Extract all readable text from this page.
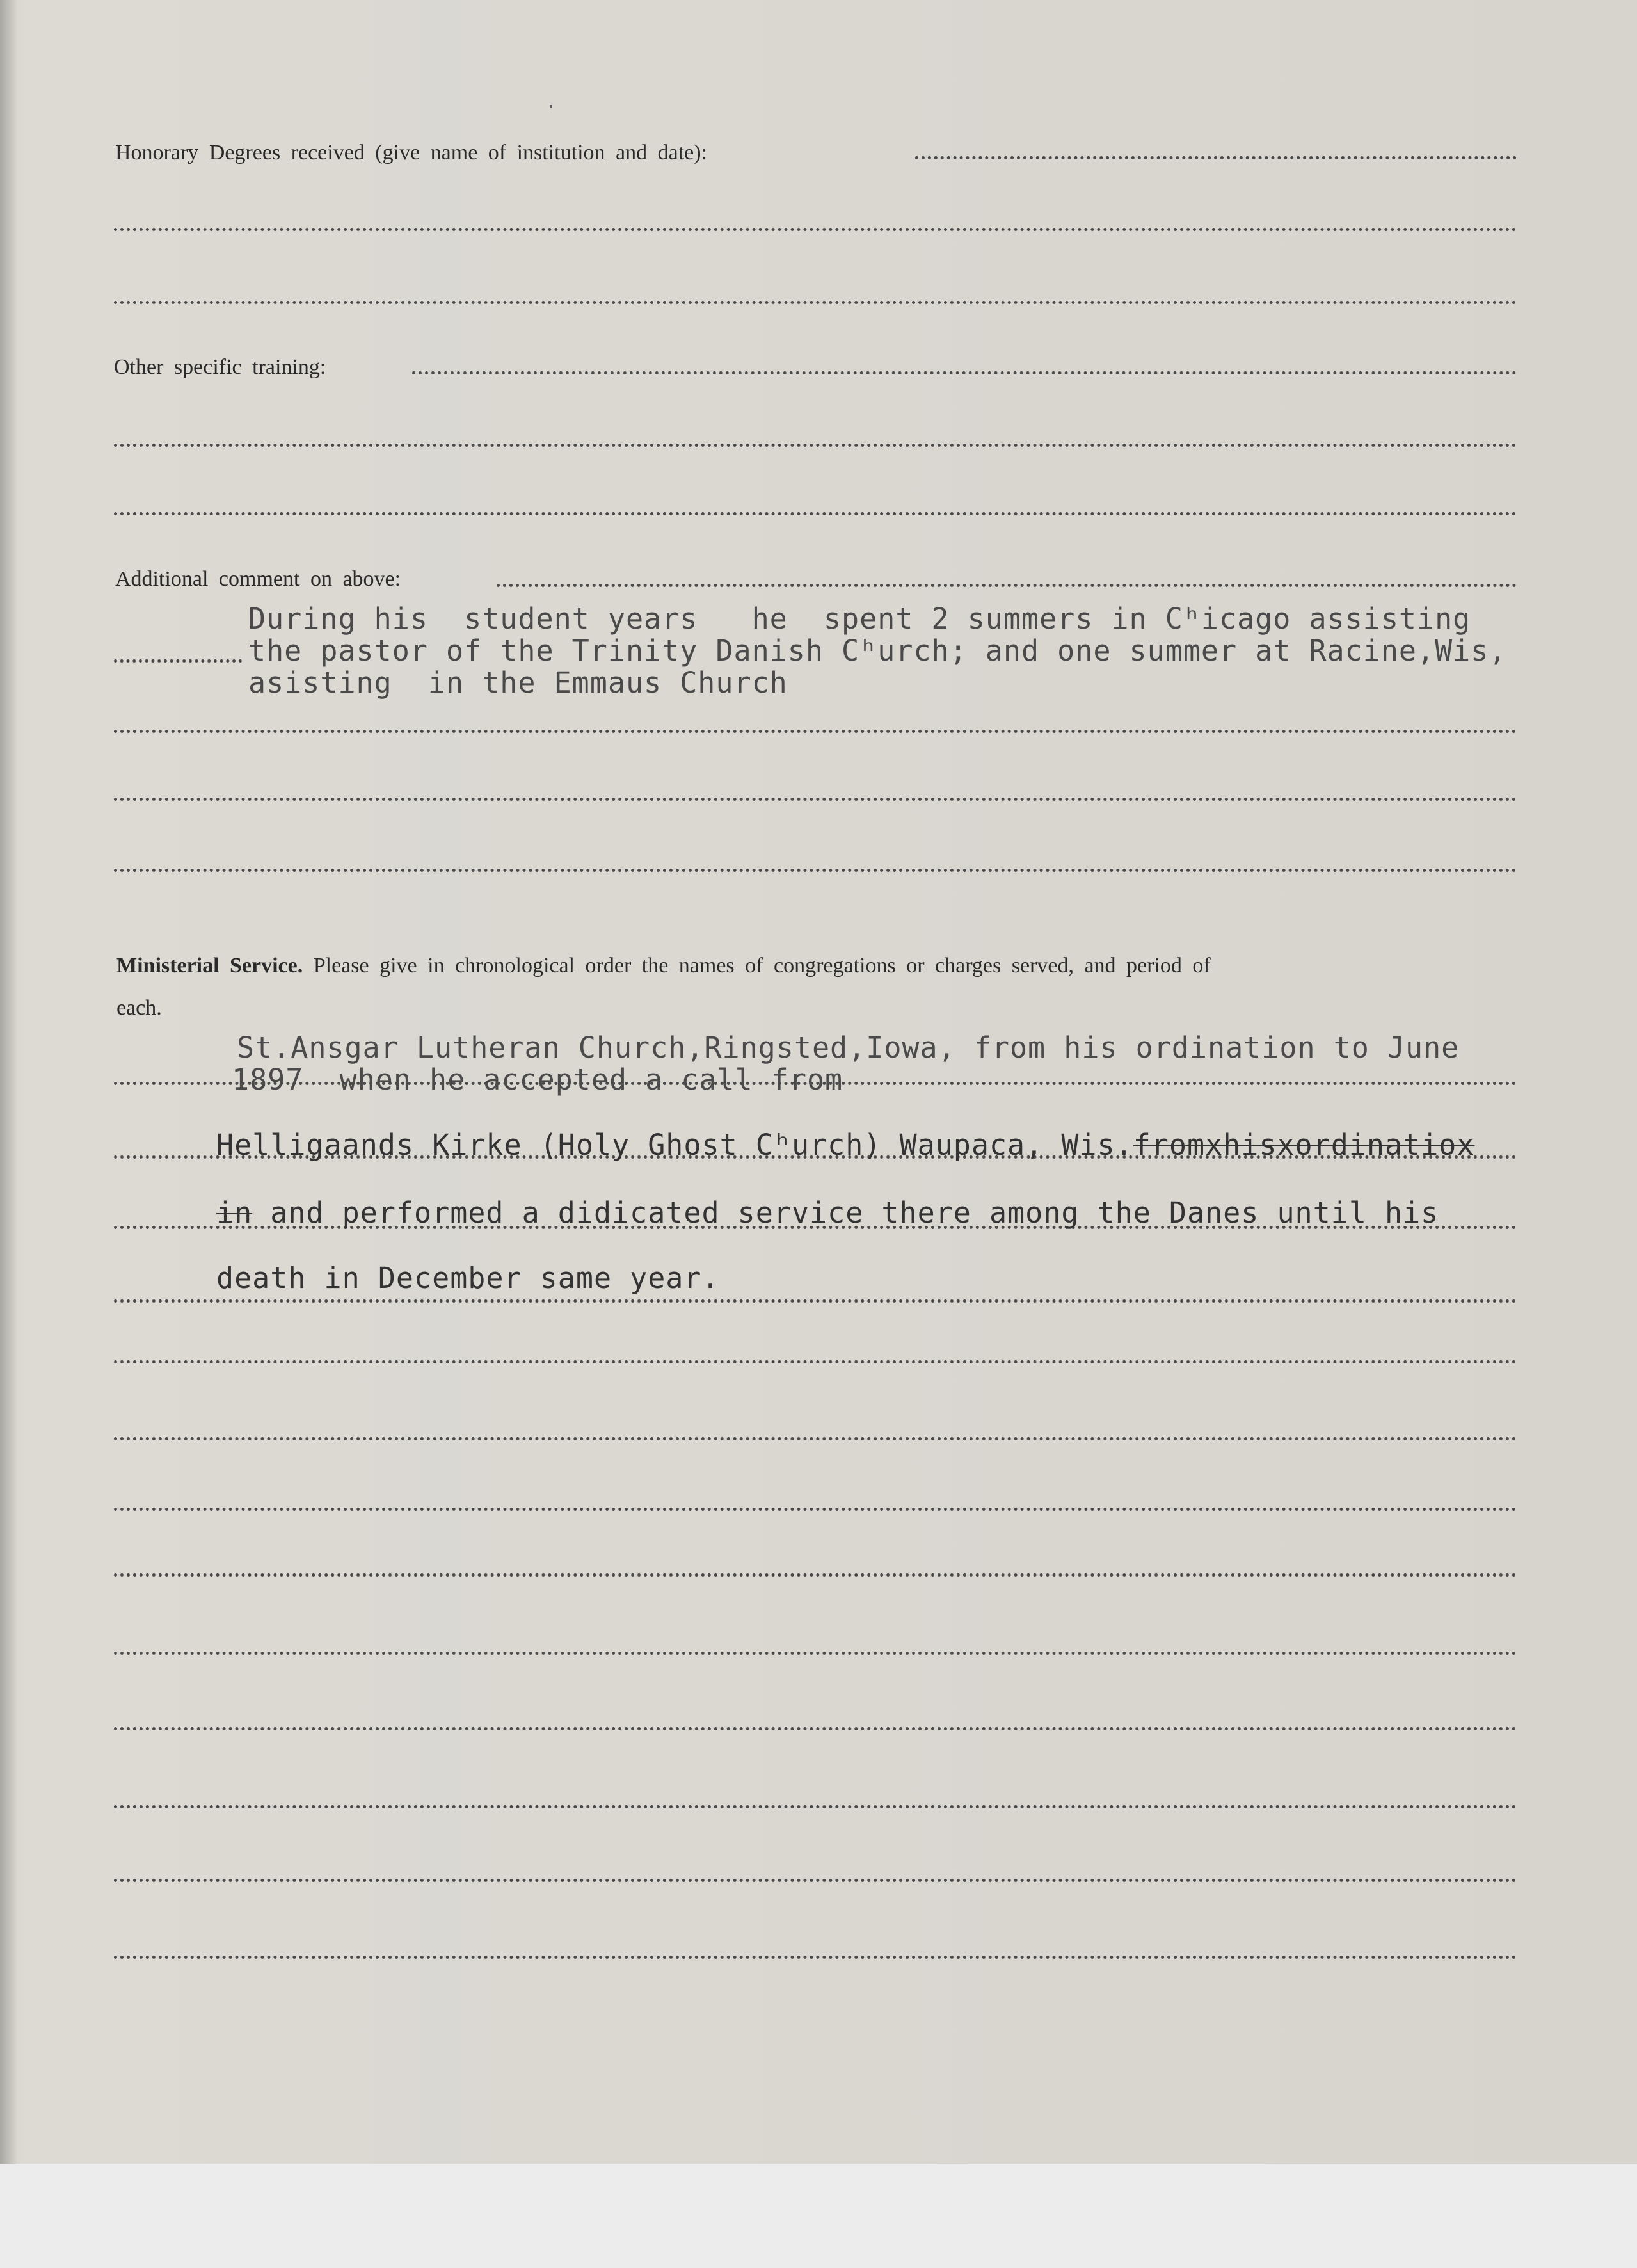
Honorary Degrees received (give name of institution and date):
Other specific training:
Additional comment on above:
During his  student years   he  spent 2 summers in Cʰicago assisting
the pastor of the Trinity Danish Cʰurch; and one summer at Racine,Wis,
asisting  in the Emmaus Church
Ministerial Service. Please give in chronological order the names of congregations or charges served, and period of
each.
St.Ansgar Lutheran Church,Ringsted,Iowa, from his ordination to June
1897  when he accepted a call from
Helligaands Kirke (Holy Ghost Cʰurch) Waupaca, Wis.fromxhisxordinatiox
in and performed a didicated service there among the Danes until his
death in December same year.
·
